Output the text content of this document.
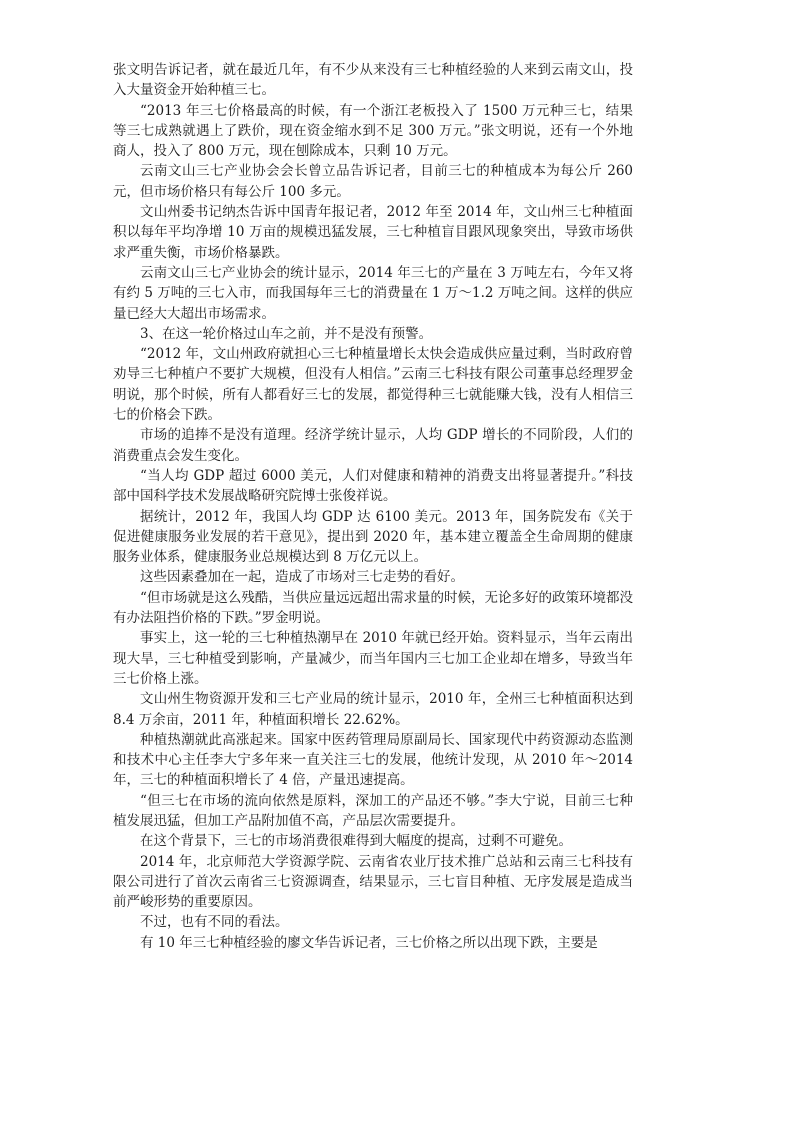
张文明告诉记者，就在最近几年，有不少从来没有三七种植经验的人来到云南文山，投入大量资金开始种植三七。

“2013 年三七价格最高的时候，有一个浙江老板投入了 1500 万元种三七，结果等三七成熟就遇上了跌价，现在资金缩水到不足 300 万元。”张文明说，还有一个外地商人，投入了 800 万元，现在刨除成本，只剩 10 万元。

云南文山三七产业协会会长曾立品告诉记者，目前三七的种植成本为每公斤 260 元，但市场价格只有每公斤 100 多元。

文山州委书记纳杰告诉中国青年报记者，2012 年至 2014 年，文山州三七种植面积以每年平均净增 10 万亩的规模迅猛发展，三七种植盲目跟风现象突出，导致市场供求严重失衡，市场价格暴跌。

云南文山三七产业协会的统计显示，2014 年三七的产量在 3 万吨左右，今年又将有约 5 万吨的三七入市，而我国每年三七的消费量在 1 万～1.2 万吨之间。这样的供应量已经大大超出市场需求。

3、在这一轮价格过山车之前，并不是没有预警。

“2012 年，文山州政府就担心三七种植量增长太快会造成供应量过剩，当时政府曾劝导三七种植户不要扩大规模，但没有人相信。”云南三七科技有限公司董事总经理罗金明说，那个时候，所有人都看好三七的发展，都觉得种三七就能赚大钱，没有人相信三七的价格会下跌。

市场的追捧不是没有道理。经济学统计显示，人均 GDP 增长的不同阶段，人们的消费重点会发生变化。

“当人均 GDP 超过 6000 美元，人们对健康和精神的消费支出将显著提升。”科技部中国科学技术发展战略研究院博士张俊祥说。

据统计，2012 年，我国人均 GDP 达 6100 美元。2013 年，国务院发布《关于促进健康服务业发展的若干意见》，提出到 2020 年，基本建立覆盖全生命周期的健康服务业体系，健康服务业总规模达到 8 万亿元以上。

这些因素叠加在一起，造成了市场对三七走势的看好。

“但市场就是这么残酷，当供应量远远超出需求量的时候，无论多好的政策环境都没有办法阻挡价格的下跌。”罗金明说。

事实上，这一轮的三七种植热潮早在 2010 年就已经开始。资料显示，当年云南出现大旱，三七种植受到影响，产量减少，而当年国内三七加工企业却在增多，导致当年三七价格上涨。

文山州生物资源开发和三七产业局的统计显示，2010 年，全州三七种植面积达到 8.4 万余亩，2011 年，种植面积增长 22.62%。

种植热潮就此高涨起来。国家中医药管理局原副局长、国家现代中药资源动态监测和技术中心主任李大宁多年来一直关注三七的发展，他统计发现，从 2010 年～2014 年，三七的种植面积增长了 4 倍，产量迅速提高。

“但三七在市场的流向依然是原料，深加工的产品还不够。”李大宁说，目前三七种植发展迅猛，但加工产品附加值不高，产品层次需要提升。

在这个背景下，三七的市场消费很难得到大幅度的提高，过剩不可避免。

2014 年，北京师范大学资源学院、云南省农业厅技术推广总站和云南三七科技有限公司进行了首次云南省三七资源调查，结果显示，三七盲目种植、无序发展是造成当前严峻形势的重要原因。

不过，也有不同的看法。

有 10 年三七种植经验的廖文华告诉记者，三七价格之所以出现下跌，主要是
